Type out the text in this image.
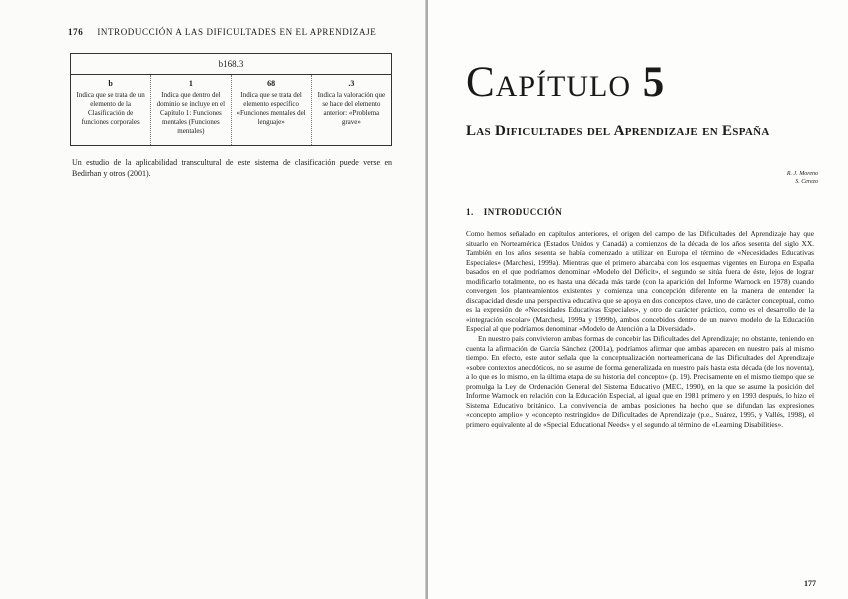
176 INTRODUCCIÓN A LAS DIFICULTADES EN EL APRENDIZAJE
b168.3
b
Indica que se trata de un elemento de la Clasificación de funciones corporales
1
Indica que dentro del dominio se incluye en el Capítulo 1: Funciones mentales (Funciones mentales)
68
Indica que se trata del elemento específico «Funciones mentales del lenguaje»
.3
Indica la valoración que se hace del elemento anterior: «Problema grave»
Un estudio de la aplicabilidad transcultural de este sistema de clasificación puede verse en Bedirhan y otros (2001).
Capítulo 5
Las Dificultades del Aprendizaje en España
R. J. Moreno
S. Cerezo
1. INTRODUCCIÓN

Como hemos señalado en capítulos anteriores, el origen del campo de las Dificultades del Aprendizaje hay que situarlo en Norteamérica (Estados Unidos y Canadá) a comienzos de la década de los años sesenta del siglo XX. También en los años sesenta se había comenzado a utilizar en Europa el término de «Necesidades Educativas Especiales» (Marchesi, 1999a). Mientras que el primero abarcaba con los esquemas vigentes en Europa en España basados en el que podríamos denominar «Modelo del Déficit», el segundo se sitúa fuera de éste, lejos de lograr modificarlo totalmente, no es hasta una década más tarde (con la aparición del Informe Warnock en 1978) cuando convergen los planteamientos existentes y comienza una concepción diferente en la manera de entender la discapacidad desde una perspectiva educativa que se apoya en dos conceptos clave, uno de carácter conceptual, como es la expresión de «Necesidades Educativas Especiales», y otro de carácter práctico, como es el desarrollo de la «integración escolar» (Marchesi, 1999a y 1999b), ambos concebidos dentro de un nuevo modelo de la Educación Especial al que podríamos denominar «Modelo de Atención a la Diversidad».

En nuestro país convivieron ambas formas de concebir las Dificultades del Aprendizaje; no obstante, teniendo en cuenta la afirmación de García Sánchez (2001a), podríamos afirmar que ambas aparecen en nuestro país al mismo tiempo. En efecto, este autor señala que la conceptualización norteamericana de las Dificultades del Aprendizaje «sobre contextos anecdóticos, no se asume de forma generalizada en nuestro país hasta esta década (de los noventa), a lo que es lo mismo, en la última etapa de su historia del concepto» (p. 19). Precisamente en el mismo tiempo que se promulga la Ley de Ordenación General del Sistema Educativo (MEC, 1990), en la que se asume la posición del Informe Warnock en relación con la Educación Especial, al igual que en 1981 primero y en 1993 después, lo hizo el Sistema Educativo británico. La convivencia de ambas posiciones ha hecho que se difundan las expresiones «concepto amplio» y «concepto restringido» de Dificultades de Aprendizaje (p.e., Suárez, 1995, y Vallés, 1998), el primero equivalente al de «Special Educational Needs» y el segundo al término de «Learning Disabilities».

177
